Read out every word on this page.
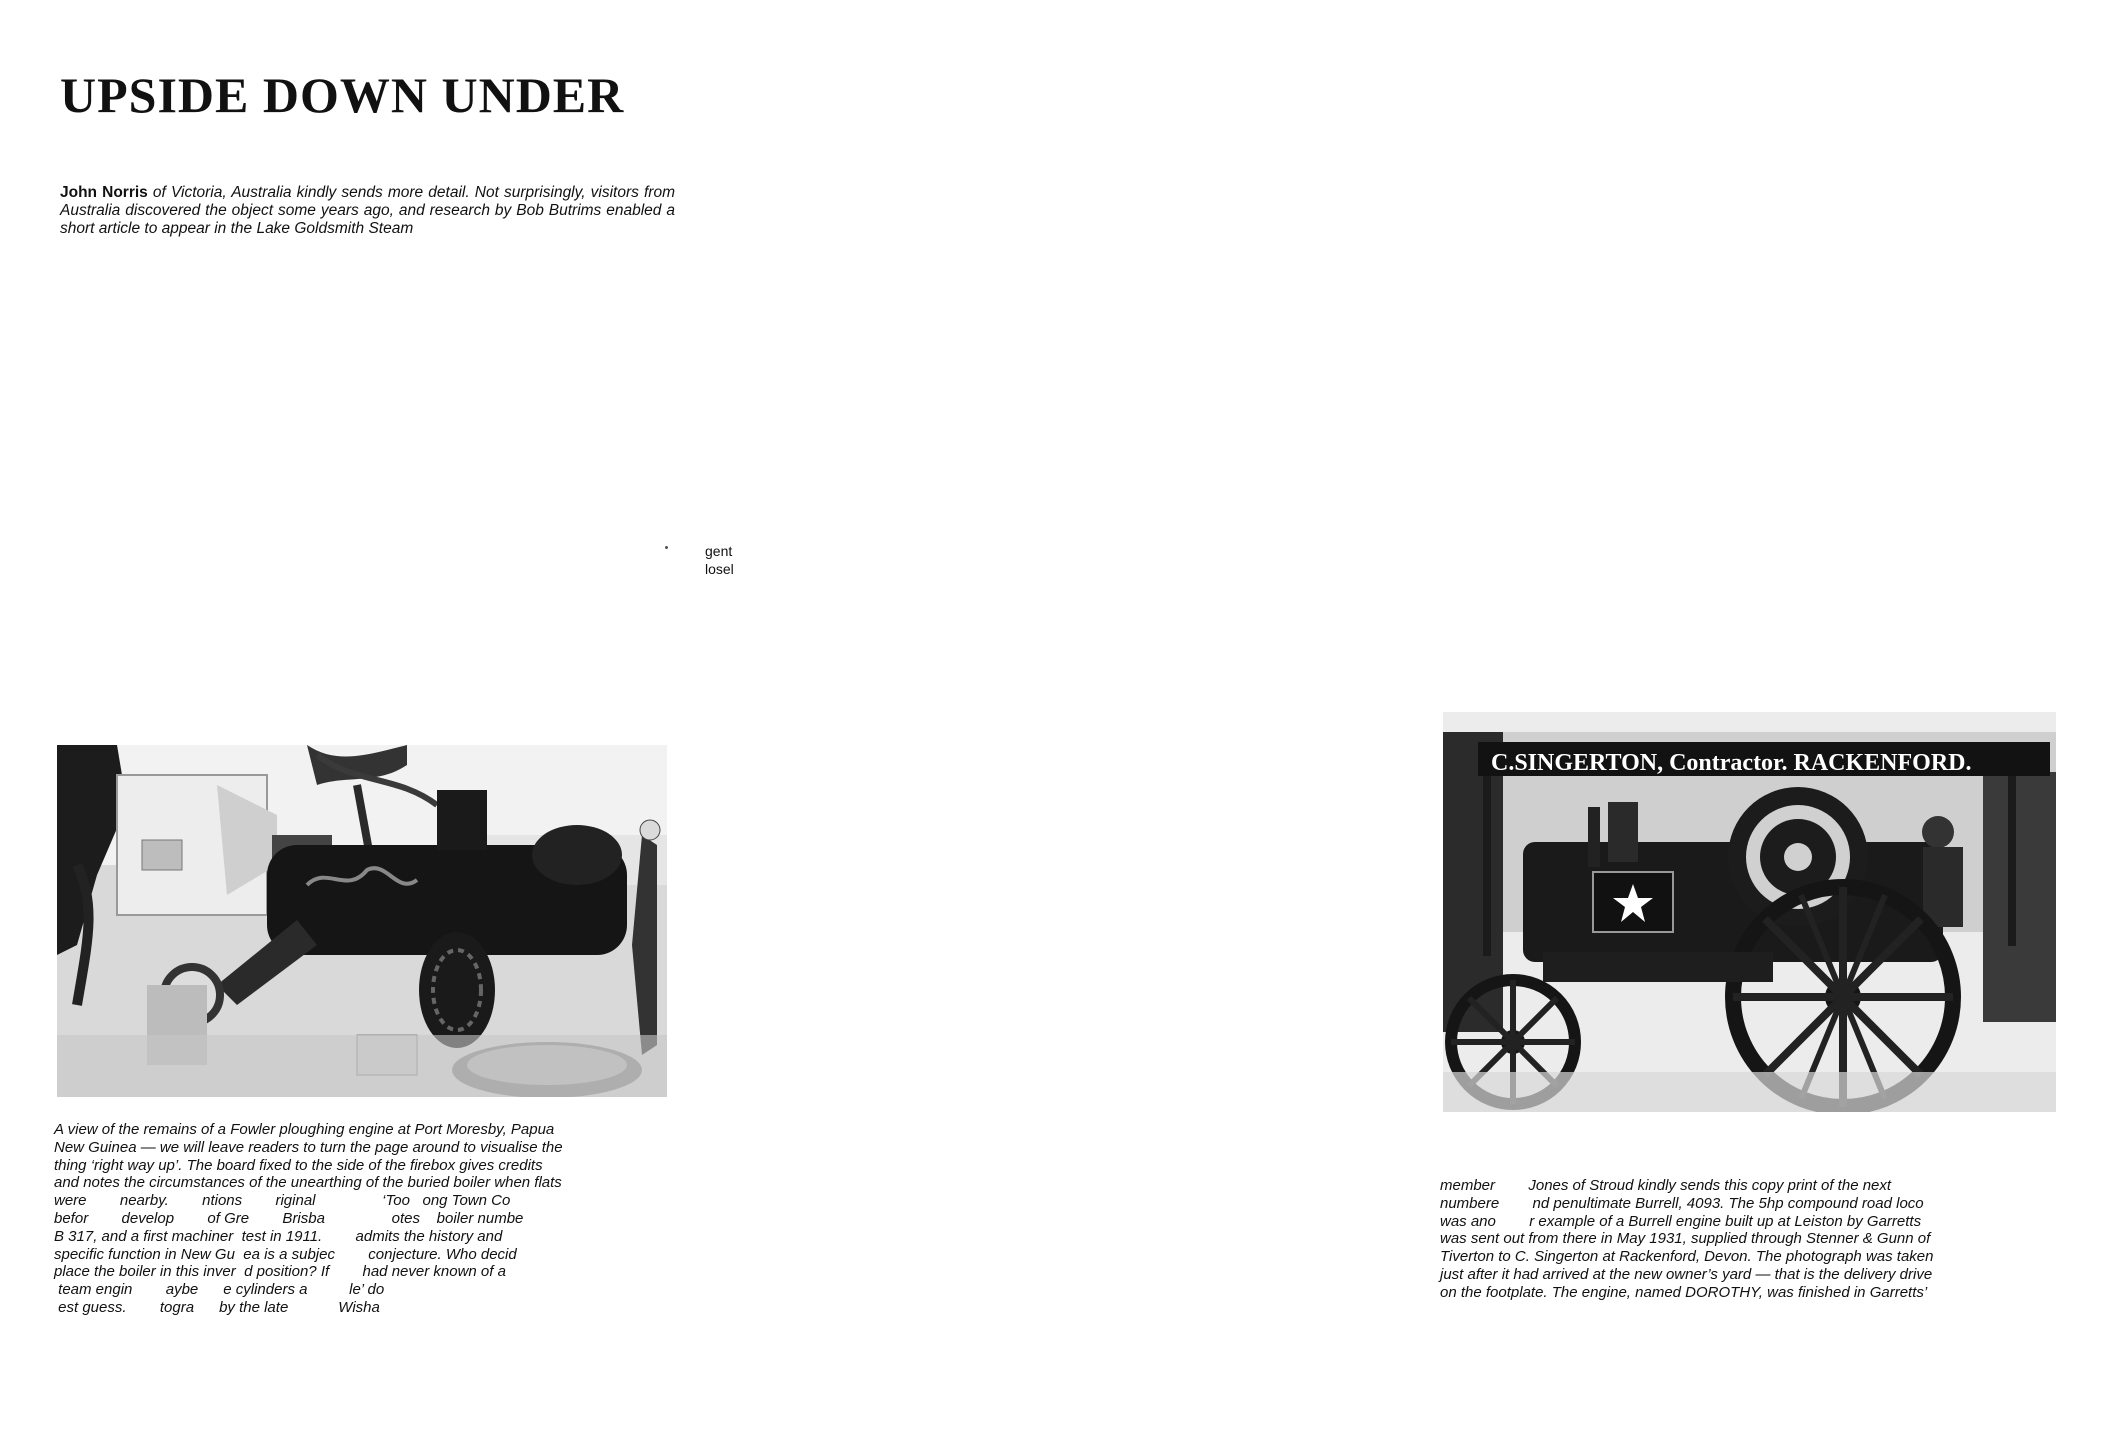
UPSIDE DOWN UNDER

John Norris of Victoria, Australia kindly sends more detail. Not surprisingly, visitors from Australia discovered the object some years ago, and research by Bob Butrims enabled a short article to appear in the Lake Goldsmith Steam

gent
losel
A view of the remains of a Fowler ploughing engine at Port Moresby, Papua
New Guinea — we will leave readers to turn the page around to visualise the
thing ‘right way up’. The board fixed to the side of the firebox gives credits
and notes the circumstances of the unearthing of the buried boiler when flats
were        nearby.        ntions        riginal                ‘Too   ong Town Co
befor        develop        of Gre        Brisba                otes    boiler numbe
B 317, and a first machiner  test in 1911.        admits the history and
specific function in New Gu  ea is a subjec        conjecture. Who decid
place the boiler in this inver  d position? If        had never known of a
team engin        aybe      e cylinders a          le’ do
est guess.        togra      by the late            Wisha
C.SINGERTON, Contractor. RACKENFORD.
member        Jones of Stroud kindly sends this copy print of the next
numbere        nd penultimate Burrell, 4093. The 5hp compound road loco
was ano        r example of a Burrell engine built up at Leiston by Garretts
was sent out from there in May 1931, supplied through Stenner & Gunn of
Tiverton to C. Singerton at Rackenford, Devon. The photograph was taken
just after it had arrived at the new owner’s yard — that is the delivery drive
on the footplate. The engine, named DOROTHY, was finished in Garretts’
